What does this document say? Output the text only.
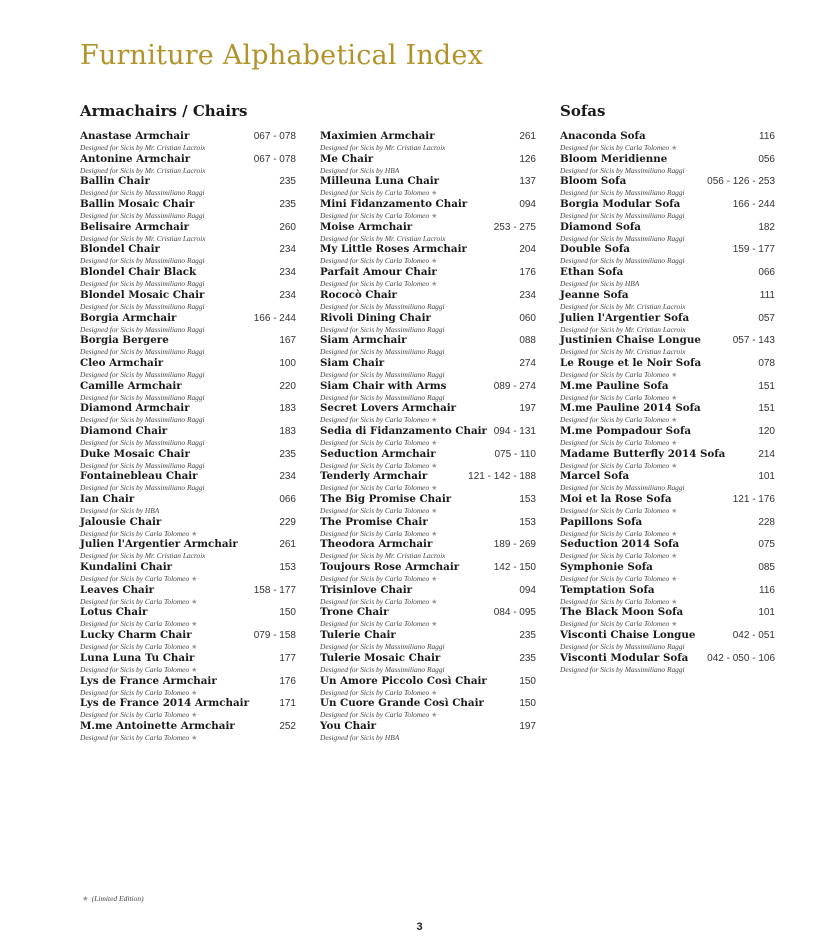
Furniture Alphabetical Index
Armachairs / Chairs	Sofas
Anastase Armchair	067 - 078
Designed for Sicis by Mr. Cristian Lacroix
Antonine Armchair	067 - 078
Designed for Sicis by Mr. Cristian Lacroix
Ballin Chair	235
Designed for Sicis by Massimiliano Raggi
Ballin Mosaic Chair	235
Designed for Sicis by Massimiliano Raggi
Belisaire Armchair	260
Designed for Sicis by Mr. Cristian Lacroix
Blondel Chair	234
Designed for Sicis by Massimiliano Raggi
Blondel Chair Black	234
Designed for Sicis by Massimiliano Raggi
Blondel Mosaic Chair	234
Designed for Sicis by Massimiliano Raggi
Borgia Armchair	166 - 244
Designed for Sicis by Massimiliano Raggi
Borgia Bergere	167
Designed for Sicis by Massimiliano Raggi
Cleo Armchair	100
Designed for Sicis by Massimiliano Raggi
Camille Armchair	220
Designed for Sicis by Massimiliano Raggi
Diamond Armchair	183
Designed for Sicis by Massimiliano Raggi
Diamond Chair	183
Designed for Sicis by Massimiliano Raggi
Duke Mosaic Chair	235
Designed for Sicis by Massimiliano Raggi
Fontainebleau Chair	234
Designed for Sicis by Massimiliano Raggi
Ian Chair	066
Designed for Sicis by HBA
Jalousie Chair	229
Designed for Sicis by Carla Tolomeo ★
Julien l'Argentier Armchair	261
Designed for Sicis by Mr. Cristian Lacroix
Kundalini Chair	153
Designed for Sicis by Carla Tolomeo ★
Leaves Chair	158 - 177
Designed for Sicis by Carla Tolomeo ★
Lotus Chair	150
Designed for Sicis by Carla Tolomeo ★
Lucky Charm Chair	079 - 158
Designed for Sicis by Carla Tolomeo ★
Luna Luna Tu Chair	177
Designed for Sicis by Carla Tolomeo ★
Lys de France Armchair	176
Designed for Sicis by Carla Tolomeo ★
Lys de France 2014 Armchair	171
Designed for Sicis by Carla Tolomeo ★
M.me Antoinette Armchair	252
Designed for Sicis by Carla Tolomeo ★
Maximien Armchair	261
Designed for Sicis by Mr. Cristian Lacroix
Me Chair	126
Designed for Sicis by HBA
Milleuna Luna Chair	137
Designed for Sicis by Carla Tolomeo ★
Mini Fidanzamento Chair	094
Designed for Sicis by Carla Tolomeo ★
Moise Armchair	253 - 275
Designed for Sicis by Mr. Cristian Lacroix
My Little Roses Armchair	204
Designed for Sicis by Carla Tolomeo ★
Parfait Amour Chair	176
Designed for Sicis by Carla Tolomeo ★
Rococò Chair	234
Designed for Sicis by Massimiliano Raggi
Rivoli Dining Chair	060
Designed for Sicis by Massimiliano Raggi
Siam Armchair	088
Designed for Sicis by Massimiliano Raggi
Siam Chair	274
Designed for Sicis by Massimiliano Raggi
Siam Chair with Arms	089 - 274
Designed for Sicis by Massimiliano Raggi
Secret Lovers Armchair	197
Designed for Sicis by Carla Tolomeo ★
Sedia di Fidanzamento Chair 094 - 131
Designed for Sicis by Carla Tolomeo ★
Seduction Armchair	075 - 110
Designed for Sicis by Carla Tolomeo ★
Tenderly Armchair	121 - 142 - 188
Designed for Sicis by Carla Tolomeo ★
The Big Promise Chair	153
Designed for Sicis by Carla Tolomeo ★
The Promise Chair	153
Designed for Sicis by Carla Tolomeo ★
Theodora Armchair	189 - 269
Designed for Sicis by Mr. Cristian Lacroix
Toujours Rose Armchair	142 - 150
Designed for Sicis by Carla Tolomeo ★
Trisinlove Chair	094
Designed for Sicis by Carla Tolomeo ★
Trone Chair	084 - 095
Designed for Sicis by Carla Tolomeo ★
Tulerie Chair	235
Designed for Sicis by Massimiliano Raggi
Tulerie Mosaic Chair	235
Designed for Sicis by Massimiliano Raggi
Un Amore Piccolo Così Chair	150
Designed for Sicis by Carla Tolomeo ★
Un Cuore Grande Così Chair	150
Designed for Sicis by Carla Tolomeo ★
You Chair	197
Designed for Sicis by HBA
Anaconda Sofa	116
Designed for Sicis by Carla Tolomeo ★
Bloom Meridienne	056
Designed for Sicis by Massimiliano Raggi
Bloom Sofa	056 - 126 - 253
Designed for Sicis by Massimiliano Raggi
Borgia Modular Sofa	166 - 244
Designed for Sicis by Massimiliano Raggi
Diamond Sofa	182
Designed for Sicis by Massimiliano Raggi
Double Sofa	159 - 177
Designed for Sicis by Massimiliano Raggi
Ethan Sofa	066
Designed for Sicis by HBA
Jeanne Sofa	111
Designed for Sicis by Mr. Cristian Lacroix
Julien l'Argentier Sofa	057
Designed for Sicis by Mr. Cristian Lacroix
Justinien Chaise Longue	057 - 143
Designed for Sicis by Mr. Cristian Lacroix
Le Rouge et le Noir Sofa	078
Designed for Sicis by Carla Tolomeo ★
M.me Pauline Sofa	151
Designed for Sicis by Carla Tolomeo ★
M.me Pauline 2014 Sofa	151
Designed for Sicis by Carla Tolomeo ★
M.me Pompadour Sofa	120
Designed for Sicis by Carla Tolomeo ★
Madame Butterfly 2014 Sofa	214
Designed for Sicis by Carla Tolomeo ★
Marcel Sofa	101
Designed for Sicis by Massimiliano Raggi
Moi et la Rose Sofa	121 - 176
Designed for Sicis by Carla Tolomeo ★
Papillons Sofa	228
Designed for Sicis by Carla Tolomeo ★
Seduction 2014 Sofa	075
Designed for Sicis by Carla Tolomeo ★
Symphonie Sofa	085
Designed for Sicis by Carla Tolomeo ★
Temptation Sofa	116
Designed for Sicis by Carla Tolomeo ★
The Black Moon Sofa	101
Designed for Sicis by Carla Tolomeo ★
Visconti Chaise Longue	042 - 051
Designed for Sicis by Massimiliano Raggi
Visconti Modular Sofa	042 - 050 - 106
Designed for Sicis by Massimiliano Raggi
★ (Limited Edition)
3
